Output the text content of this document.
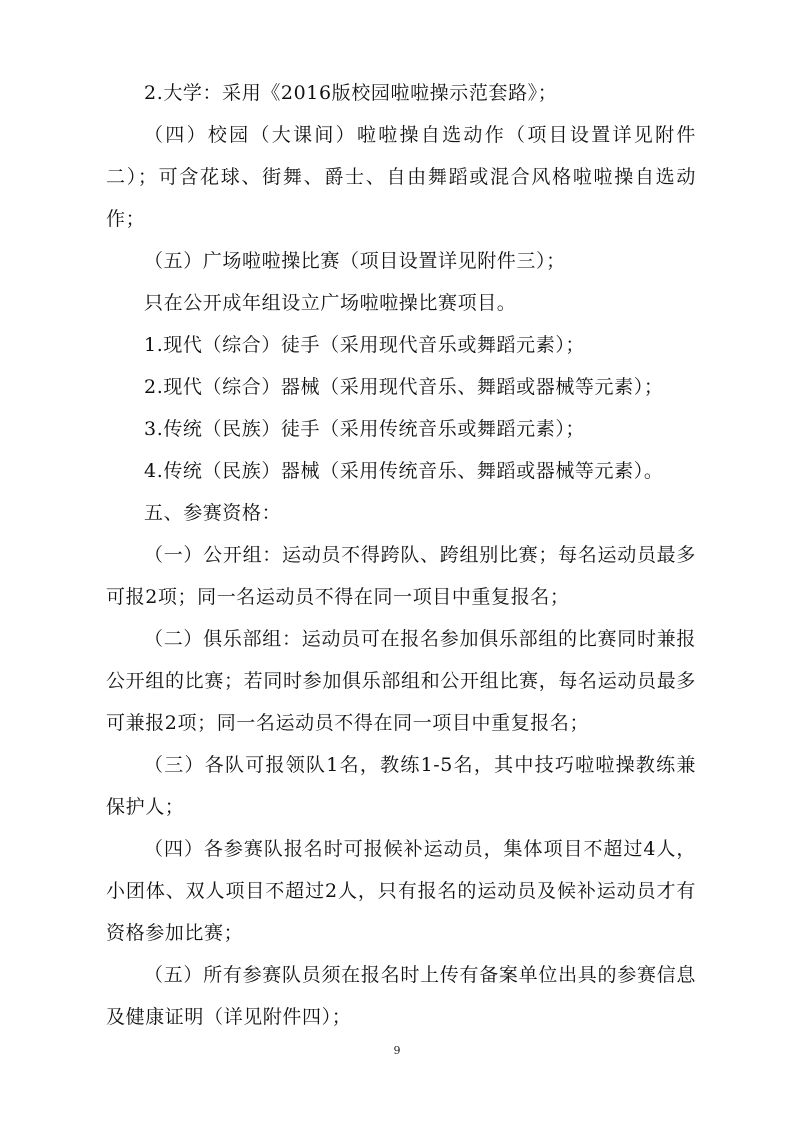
2.大学：采用《2016版校园啦啦操示范套路》；

（四）校园（大课间）啦啦操自选动作（项目设置详见附件二）；可含花球、街舞、爵士、自由舞蹈或混合风格啦啦操自选动作；

（五）广场啦啦操比赛（项目设置详见附件三）；

只在公开成年组设立广场啦啦操比赛项目。

1.现代（综合）徒手（采用现代音乐或舞蹈元素）；

2.现代（综合）器械（采用现代音乐、舞蹈或器械等元素）；

3.传统（民族）徒手（采用传统音乐或舞蹈元素）；

4.传统（民族）器械（采用传统音乐、舞蹈或器械等元素）。

五、参赛资格：

（一）公开组：运动员不得跨队、跨组别比赛；每名运动员最多可报2项；同一名运动员不得在同一项目中重复报名；

（二）俱乐部组：运动员可在报名参加俱乐部组的比赛同时兼报公开组的比赛；若同时参加俱乐部组和公开组比赛，每名运动员最多可兼报2项；同一名运动员不得在同一项目中重复报名；

（三）各队可报领队1名，教练1-5名，其中技巧啦啦操教练兼保护人；

（四）各参赛队报名时可报候补运动员，集体项目不超过4人，小团体、双人项目不超过2人，只有报名的运动员及候补运动员才有资格参加比赛；

（五）所有参赛队员须在报名时上传有备案单位出具的参赛信息及健康证明（详见附件四）；

9
